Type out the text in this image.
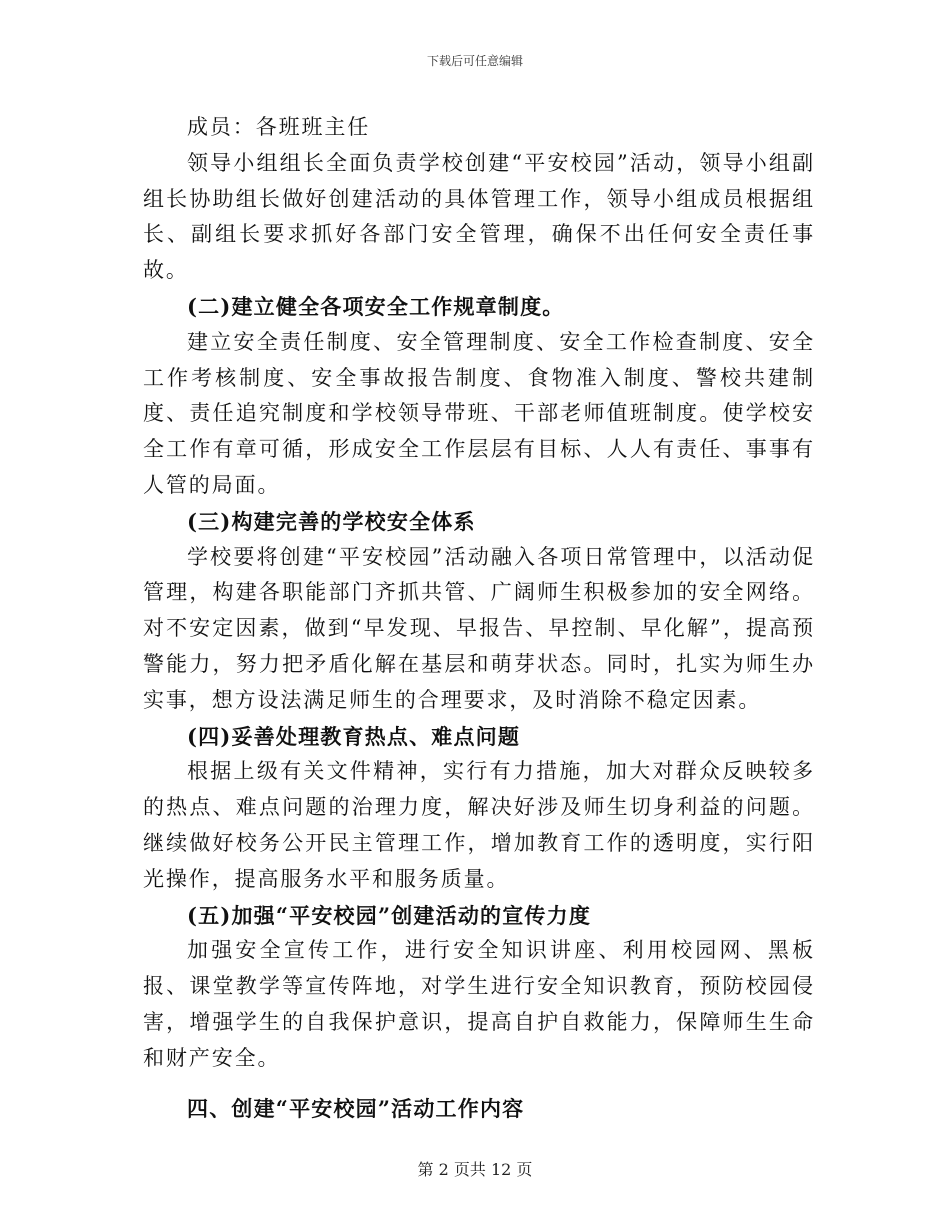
下载后可任意编辑

成员：各班班主任

领导小组组长全面负责学校创建“平安校园”活动，领导小组副组长协助组长做好创建活动的具体管理工作，领导小组成员根据组长、副组长要求抓好各部门安全管理，确保不出任何安全责任事故。

(二)建立健全各项安全工作规章制度。

建立安全责任制度、安全管理制度、安全工作检查制度、安全工作考核制度、安全事故报告制度、食物准入制度、警校共建制度、责任追究制度和学校领导带班、干部老师值班制度。使学校安全工作有章可循，形成安全工作层层有目标、人人有责任、事事有人管的局面。

(三)构建完善的学校安全体系

学校要将创建“平安校园”活动融入各项日常管理中，以活动促管理，构建各职能部门齐抓共管、广阔师生积极参加的安全网络。对不安定因素，做到“早发现、早报告、早控制、早化解”，提高预警能力，努力把矛盾化解在基层和萌芽状态。同时，扎实为师生办实事，想方设法满足师生的合理要求，及时消除不稳定因素。

(四)妥善处理教育热点、难点问题

根据上级有关文件精神，实行有力措施，加大对群众反映较多的热点、难点问题的治理力度，解决好涉及师生切身利益的问题。继续做好校务公开民主管理工作，增加教育工作的透明度，实行阳光操作，提高服务水平和服务质量。

(五)加强“平安校园”创建活动的宣传力度

加强安全宣传工作，进行安全知识讲座、利用校园网、黑板报、课堂教学等宣传阵地，对学生进行安全知识教育，预防校园侵害，增强学生的自我保护意识，提高自护自救能力，保障师生生命和财产安全。

四、创建“平安校园”活动工作内容

第 2 页共 12 页
